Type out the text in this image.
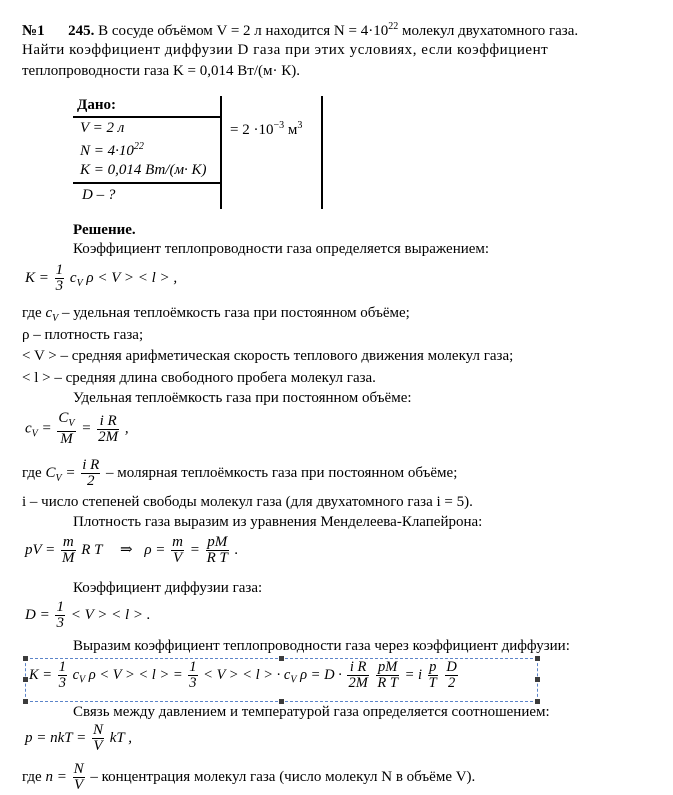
№1 245. В сосуде объёмом V = 2 л находится $N = 4\cdot 10^{22}$ молекул двухатомного газа.
Найти коэффициент диффузии D газа при этих условиях, если коэффициент
теплопроводности газа K = 0,014 Вт/(м· К).
Дано:
V = 2 л
$N = 4\cdot 10^{22}$
K = 0,014 Вт/(м· К)
D – ?
= $2 \cdot 10^{-3}$ $м^3$
Решение.
Коэффициент теплопроводности газа определяется выражением:
$K = \frac{1}{3} c_V$ ρ < V > < l > ,
где $c_V$ – удельная теплоёмкость газа при постоянном объёме;
ρ – плотность газа;
< V > – средняя арифметическая скорость теплового движения молекул газа;
< l > – средняя длина свободного пробега молекул газа.
Удельная теплоёмкость газа при постоянном объёме:
$c_V = \frac{C_V}{M} = \frac{\text{i R}}{2M}$ ,
где $C_V = \frac{\text{i R}}{2}$ – молярная теплоёмкость газа при постоянном объёме;
i – число степеней свободы молекул газа (для двухатомного газа i = 5).
Плотность газа выразим из уравнения Менделеева-Клапейрона:
pV = $\frac{m}{M}$ R T ⇒ $\rho = \frac{m}{V} = \frac{pM}{\text{R T}}$ .
Коэффициент диффузии газа:
$D = \frac{1}{3} < V$ > < l > .
Выразим коэффициент теплопроводности газа через коэффициент диффузии:
$K = \frac{1}{3} c_V$ ρ < V > < l > = $\frac{1}{3} < V$ > < l > · $c_V$ $\rho = D \cdot \frac{\text{i R}}{2M}$
$\frac{pM}{\text{R T}} = i \frac{p}{T}$
$\frac{D}{2}$
Связь между давлением и температурой газа определяется соотношением:
p = nkT = $\frac{N}{V}$ kT ,
где $n = \frac{N}{V}$ – концентрация молекул газа (число молекул N в объёме V).
